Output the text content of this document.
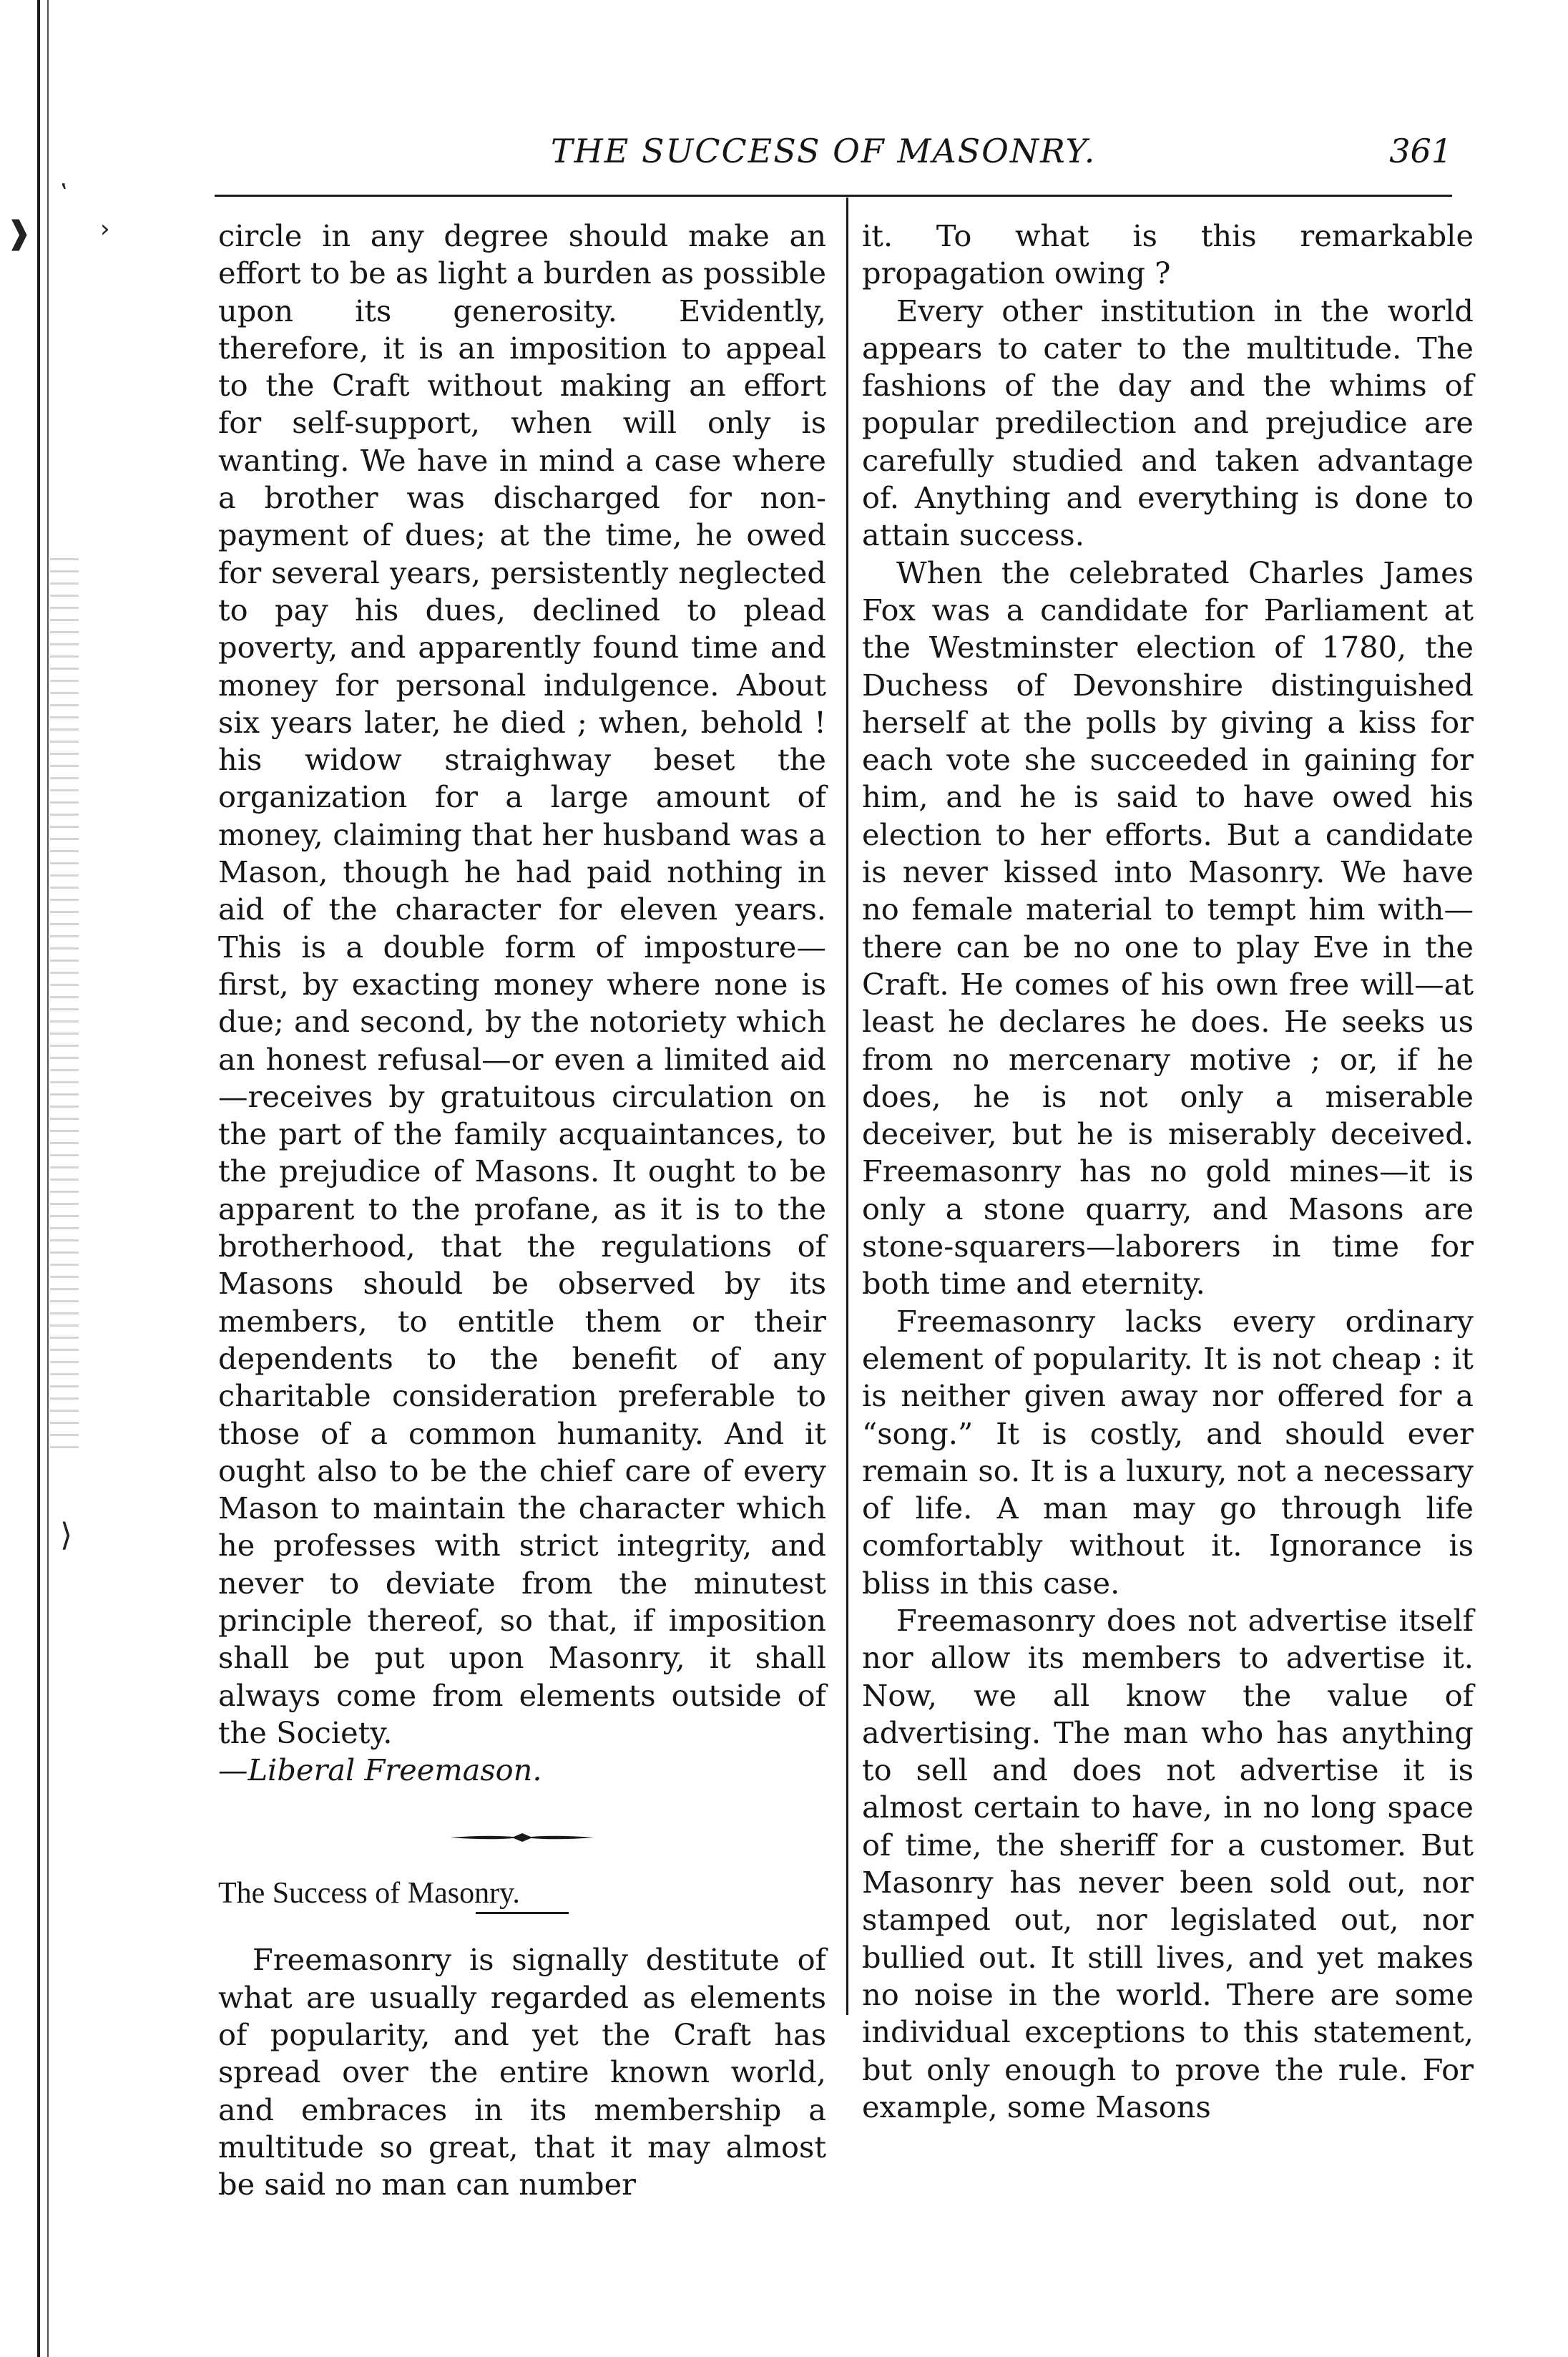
❱
‛
›
⟩
THE SUCCESS OF MASONRY.	361

circle in any degree should make an effort to be as light a burden as possible upon its generosity. Evidently, therefore, it is an imposition to appeal to the Craft without making an effort for self-support, when will only is wanting. We have in mind a case where a brother was discharged for non-payment of dues; at the time, he owed for several years, persistently neglected to pay his dues, declined to plead poverty, and apparently found time and money for personal indulgence. About six years later, he died ; when, behold ! his widow straighway beset the organization for a large amount of money, claiming that her husband was a Mason, though he had paid nothing in aid of the character for eleven years. This is a double form of imposture—first, by exacting money where none is due; and second, by the notoriety which an honest refusal—or even a limited aid —receives by gratuitous circulation on the part of the family acquaintances, to the prejudice of Masons. It ought to be apparent to the profane, as it is to the brotherhood, that the regulations of Masons should be observed by its members, to entitle them or their dependents to the benefit of any charitable consideration preferable to those of a common humanity. And it ought also to be the chief care of every Mason to maintain the character which he professes with strict integrity, and never to deviate from the minutest principle thereof, so that, if imposition shall be put upon Masonry, it shall always come from elements outside of the Society.

—Liberal Freemason.

The Success of Masonry.

Freemasonry is signally destitute of what are usually regarded as elements of popularity, and yet the Craft has spread over the entire known world, and embraces in its membership a multitude so great, that it may almost be said no man can number

it. To what is this remarkable propagation owing ?

Every other institution in the world appears to cater to the multitude. The fashions of the day and the whims of popular predilection and prejudice are carefully studied and taken advantage of. Anything and everything is done to attain success.

When the celebrated Charles James Fox was a candidate for Parliament at the Westminster election of 1780, the Duchess of Devonshire distinguished herself at the polls by giving a kiss for each vote she succeeded in gaining for him, and he is said to have owed his election to her efforts. But a candidate is never kissed into Masonry. We have no female material to tempt him with—there can be no one to play Eve in the Craft. He comes of his own free will—at least he declares he does. He seeks us from no mercenary motive ; or, if he does, he is not only a miserable deceiver, but he is miserably deceived. Freemasonry has no gold mines—it is only a stone quarry, and Masons are stone-squarers—laborers in time for both time and eternity.

Freemasonry lacks every ordinary element of popularity. It is not cheap : it is neither given away nor offered for a “song.” It is costly, and should ever remain so. It is a luxury, not a necessary of life. A man may go through life comfortably without it. Ignorance is bliss in this case.

Freemasonry does not advertise itself nor allow its members to advertise it. Now, we all know the value of advertising. The man who has anything to sell and does not advertise it is almost certain to have, in no long space of time, the sheriff for a customer. But Masonry has never been sold out, nor stamped out, nor legislated out, nor bullied out. It still lives, and yet makes no noise in the world. There are some individual exceptions to this statement, but only enough to prove the rule. For example, some Masons
